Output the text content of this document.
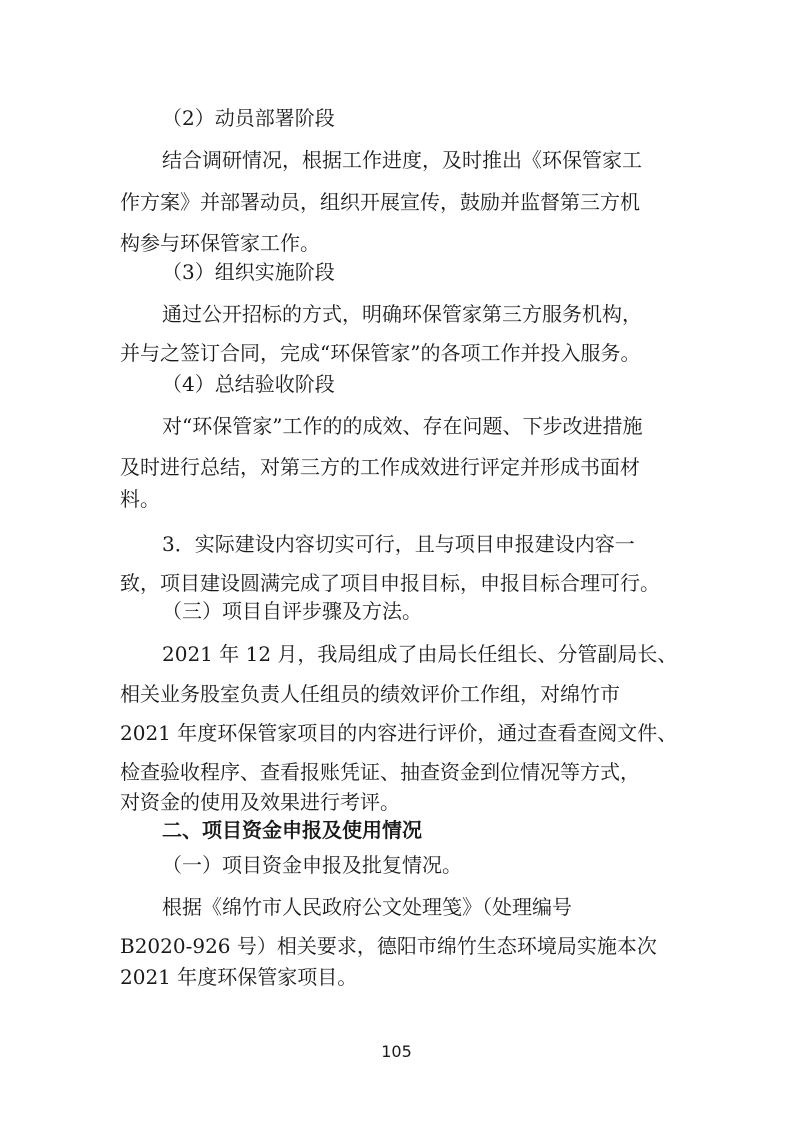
（2）动员部署阶段
结合调研情况，根据工作进度，及时推出《环保管家工
作方案》并部署动员，组织开展宣传，鼓励并监督第三方机
构参与环保管家工作。
（3）组织实施阶段
通过公开招标的方式，明确环保管家第三方服务机构，
并与之签订合同，完成“环保管家”的各项工作并投入服务。
（4）总结验收阶段
对“环保管家”工作的的成效、存在问题、下步改进措施
及时进行总结，对第三方的工作成效进行评定并形成书面材
料。
3．实际建设内容切实可行，且与项目申报建设内容一
致，项目建设圆满完成了项目申报目标，申报目标合理可行。
（三）项目自评步骤及方法。
2021 年 12 月，我局组成了由局长任组长、分管副局长、
相关业务股室负责人任组员的绩效评价工作组，对绵竹市
2021 年度环保管家项目的内容进行评价，通过查看查阅文件、
检查验收程序、查看报账凭证、抽查资金到位情况等方式，
对资金的使用及效果进行考评。
二、项目资金申报及使用情况
（一）项目资金申报及批复情况。
根据《绵竹市人民政府公文处理笺》（处理编号
B2020-926 号）相关要求，德阳市绵竹生态环境局实施本次
2021 年度环保管家项目。
105
